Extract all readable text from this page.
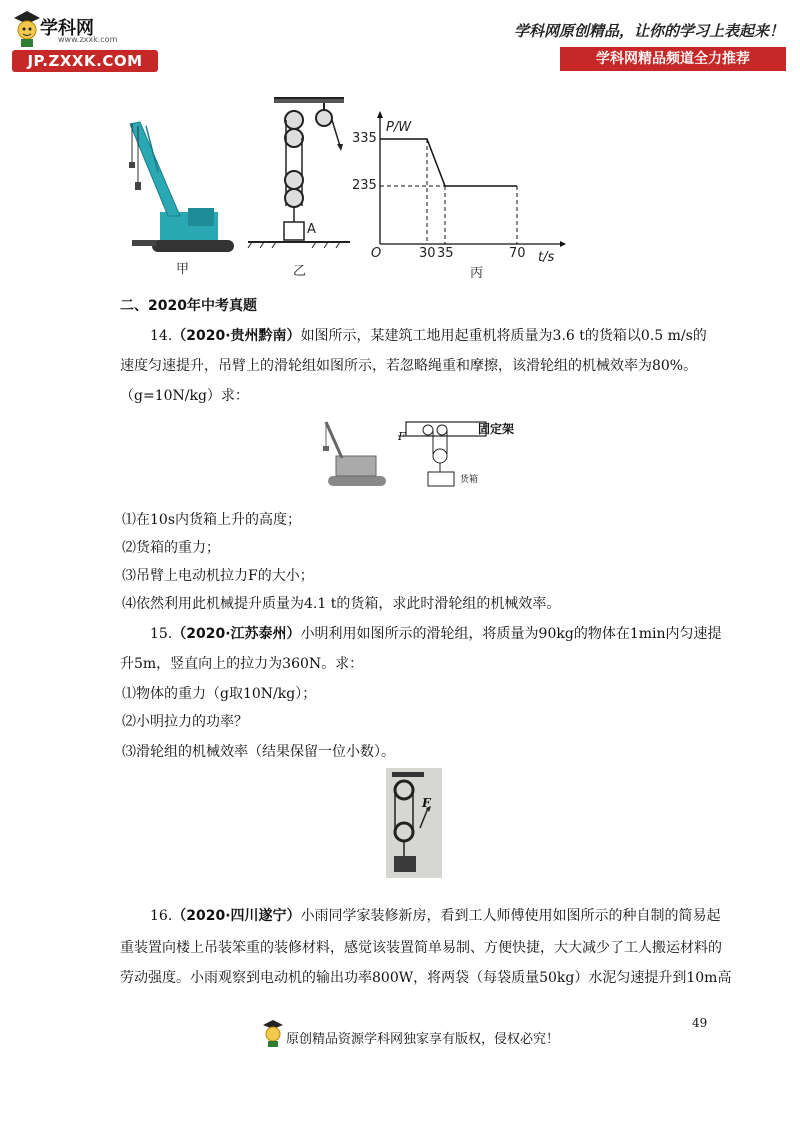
学科网
www.zxxk.com
JP.ZXXK.COM
学科网原创精品，让你的学习上表起来！
学科网精品频道全力推荐
甲
A
乙
P/W
335
235
O	30 35	70 t/s
丙
二、2020年中考真题
14.（2020·贵州黔南）如图所示，某建筑工地用起重机将质量为3.6 t的货箱以0.5 m/s的
速度匀速提升，吊臂上的滑轮组如图所示，若忽略绳重和摩擦，该滑轮组的机械效率为80%。
（g=10N/kg）求：
固定架
F
货箱
⑴在10s内货箱上升的高度；
⑵货箱的重力；
⑶吊臂上电动机拉力F的大小；
⑷依然利用此机械提升质量为4.1 t的货箱，求此时滑轮组的机械效率。
15.（2020·江苏泰州）小明利用如图所示的滑轮组，将质量为90kg的物体在1min内匀速提
升5m，竖直向上的拉力为360N。求：
⑴物体的重力（g取10N/kg）；
⑵小明拉力的功率？
⑶滑轮组的机械效率（结果保留一位小数）。
F
16.（2020·四川遂宁）小雨同学家装修新房，看到工人师傅使用如图所示的种自制的简易起
重装置向楼上吊装笨重的装修材料，感觉该装置简单易制、方便快捷，大大减少了工人搬运材料的
劳动强度。小雨观察到电动机的输出功率800W，将两袋（每袋质量50kg）水泥匀速提升到10m高
49
原创精品资源学科网独家享有版权，侵权必究！
